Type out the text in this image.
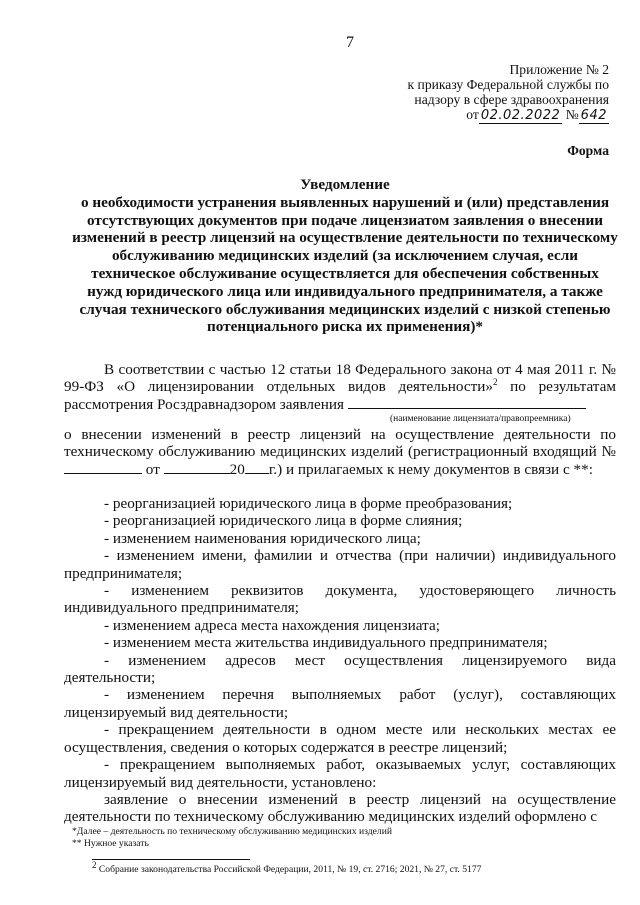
7
Приложение № 2
к приказу Федеральной службы по
надзору в сфере здравоохранения
от 02.02.2022 № 642
Форма
Уведомление
о необходимости устранения выявленных нарушений и (или) представления отсутствующих документов при подаче лицензиатом заявления о внесении изменений в реестр лицензий на осуществление деятельности по техническому обслуживанию медицинских изделий (за исключением случая, если техническое обслуживание осуществляется для обеспечения собственных нужд юридического лица или индивидуального предпринимателя, а также случая технического обслуживания медицинских изделий с низкой степенью потенциального риска их применения)*
В соответствии с частью 12 статьи 18 Федерального закона от 4 мая 2011 г. № 99-ФЗ «О лицензировании отдельных видов деятельности»$^2$ по результатам рассмотрения Росздравнадзором заявления
(наименование лицензиата/правопреемника)
о внесении изменений в реестр лицензий на осуществление деятельности по техническому обслуживанию медицинских изделий (регистрационный входящий № от	20 г.) и прилагаемых к нему документов в связи с **:

- реорганизацией юридического лица в форме преобразования;

- реорганизацией юридического лица в форме слияния;

- изменением наименования юридического лица;

- изменением имени, фамилии и отчества (при наличии) индивидуального предпринимателя;

- изменением реквизитов документа, удостоверяющего личность индивидуального предпринимателя;

- изменением адреса места нахождения лицензиата;

- изменением места жительства индивидуального предпринимателя;

- изменением адресов мест осуществления лицензируемого вида деятельности;

- изменением перечня выполняемых работ (услуг), составляющих лицензируемый вид деятельности;

- прекращением деятельности в одном месте или нескольких местах ее осуществления, сведения о которых содержатся в реестре лицензий;

- прекращением выполняемых работ, оказываемых услуг, составляющих лицензируемый вид деятельности, установлено:

заявление о внесении изменений в реестр лицензий на осуществление деятельности по техническому обслуживанию медицинских изделий оформлено с

*Далее – деятельность по техническому обслуживанию медицинских изделий
** Нужное указать
$^2$ Собрание законодательства Российской Федерации, 2011, № 19, ст. 2716; 2021, № 27, ст. 5177
